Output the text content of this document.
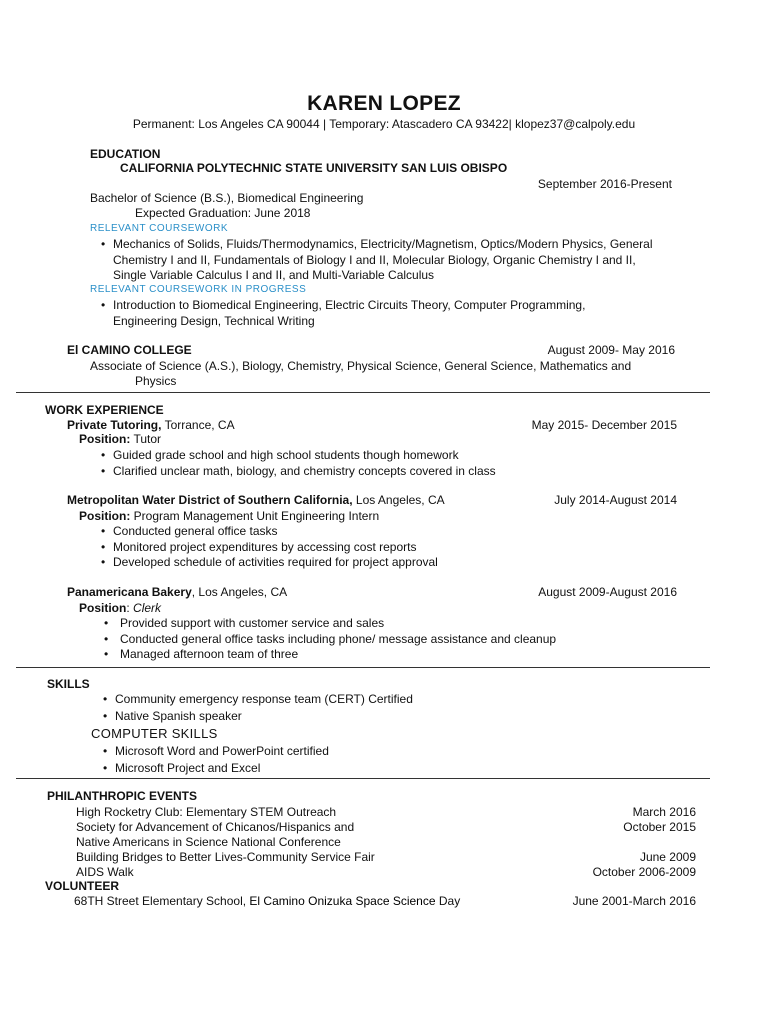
KAREN LOPEZ
Permanent: Los Angeles CA 90044 | Temporary: Atascadero CA 93422| klopez37@calpoly.edu
EDUCATION
CALIFORNIA POLYTECHNIC STATE UNIVERSITY SAN LUIS OBISPO
September 2016-Present
Bachelor of Science (B.S.), Biomedical Engineering
Expected Graduation: June 2018
RELEVANT COURSEWORK
• Mechanics of Solids, Fluids/Thermodynamics, Electricity/Magnetism, Optics/Modern Physics, General
Chemistry I and II, Fundamentals of Biology I and II, Molecular Biology, Organic Chemistry I and II,
Single Variable Calculus I and II, and Multi-Variable Calculus
RELEVANT COURSEWORK IN PROGRESS
• Introduction to Biomedical Engineering, Electric Circuits Theory, Computer Programming,
Engineering Design, Technical Writing
El CAMINO COLLEGE	August 2009- May 2016
Associate of Science (A.S.), Biology, Chemistry, Physical Science, General Science, Mathematics and
Physics
WORK EXPERIENCE
Private Tutoring, Torrance, CA	May 2015- December 2015
Position: Tutor
• Guided grade school and high school students though homework
• Clarified unclear math, biology, and chemistry concepts covered in class
Metropolitan Water District of Southern California, Los Angeles, CA	July 2014-August 2014
Position: Program Management Unit Engineering Intern
• Conducted general office tasks
• Monitored project expenditures by accessing cost reports
• Developed schedule of activities required for project approval
Panamericana Bakery, Los Angeles, CA	August 2009-August 2016
Position: Clerk
• Provided support with customer service and sales
• Conducted general office tasks including phone/ message assistance and cleanup
• Managed afternoon team of three
SKILLS
• Community emergency response team (CERT) Certified
• Native Spanish speaker
COMPUTER SKILLS
• Microsoft Word and PowerPoint certified
• Microsoft Project and Excel
PHILANTHROPIC EVENTS
High Rocketry Club: Elementary STEM Outreach	March 2016
Society for Advancement of Chicanos/Hispanics and	October 2015
Native Americans in Science National Conference
Building Bridges to Better Lives-Community Service Fair	June 2009
AIDS Walk	October 2006-2009
VOLUNTEER
68TH Street Elementary School, El Camino Onizuka Space Science Day	June 2001-March 2016
